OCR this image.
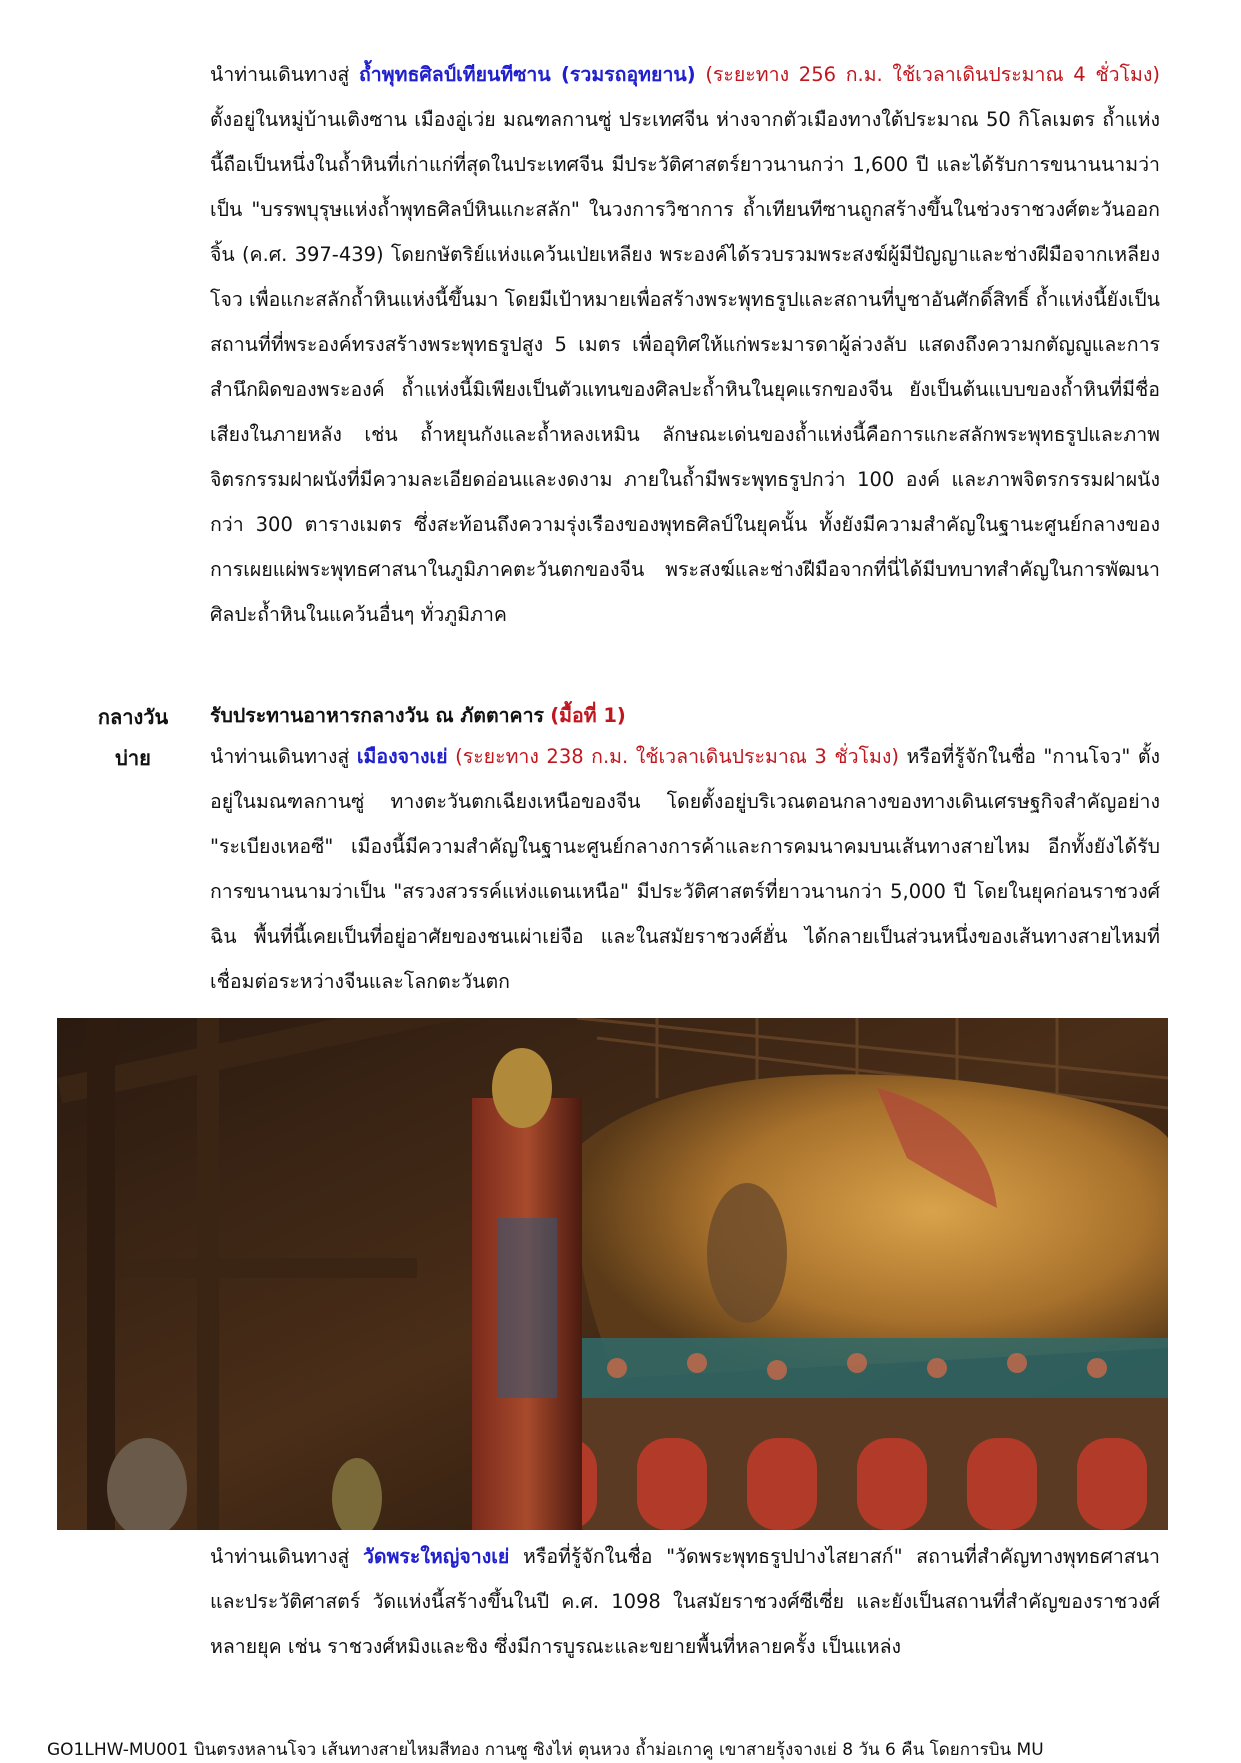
นำท่านเดินทางสู่ ถ้ำพุทธศิลป์เทียนทีซาน (รวมรถอุทยาน) (ระยะทาง 256 ก.ม. ใช้เวลาเดินประมาณ 4 ชั่วโมง) ตั้งอยู่ในหมู่บ้านเติงซาน เมืองอู่เว่ย มณฑลกานซู่ ประเทศจีน ห่างจากตัวเมืองทางใต้ประมาณ 50 กิโลเมตร ถ้ำแห่งนี้ถือเป็นหนึ่งในถ้ำหินที่เก่าแก่ที่สุดในประเทศจีน มีประวัติศาสตร์ยาวนานกว่า 1,600 ปี และได้รับการขนานนามว่าเป็น "บรรพบุรุษแห่งถ้ำพุทธศิลป์หินแกะสลัก" ในวงการวิชาการ ถ้ำเทียนทีซานถูกสร้างขึ้นในช่วงราชวงศ์ตะวันออกจิ้น (ค.ศ. 397-439) โดยกษัตริย์แห่งแคว้นเป่ยเหลียง พระองค์ได้รวบรวมพระสงฆ์ผู้มีปัญญาและช่างฝีมือจากเหลียงโจว เพื่อแกะสลักถ้ำหินแห่งนี้ขึ้นมา โดยมีเป้าหมายเพื่อสร้างพระพุทธรูปและสถานที่บูชาอันศักดิ์สิทธิ์ ถ้ำแห่งนี้ยังเป็นสถานที่ที่พระองค์ทรงสร้างพระพุทธรูปสูง 5 เมตร เพื่ออุทิศให้แก่พระมารดาผู้ล่วงลับ แสดงถึงความกตัญญูและการสำนึกผิดของพระองค์ ถ้ำแห่งนี้มิเพียงเป็นตัวแทนของศิลปะถ้ำหินในยุคแรกของจีน ยังเป็นต้นแบบของถ้ำหินที่มีชื่อเสียงในภายหลัง เช่น ถ้ำหยุนกังและถ้ำหลงเหมิน ลักษณะเด่นของถ้ำแห่งนี้คือการแกะสลักพระพุทธรูปและภาพจิตรกรรมฝาผนังที่มีความละเอียดอ่อนและงดงาม ภายในถ้ำมีพระพุทธรูปกว่า 100 องค์ และภาพจิตรกรรมฝาผนังกว่า 300 ตารางเมตร ซึ่งสะท้อนถึงความรุ่งเรืองของพุทธศิลป์ในยุคนั้น ทั้งยังมีความสำคัญในฐานะศูนย์กลางของการเผยแผ่พระพุทธศาสนาในภูมิภาคตะวันตกของจีน พระสงฆ์และช่างฝีมือจากที่นี่ได้มีบทบาทสำคัญในการพัฒนาศิลปะถ้ำหินในแคว้นอื่นๆ ทั่วภูมิภาค
กลางวัน	รับประทานอาหารกลางวัน ณ ภัตตาคาร (มื้อที่ 1)
บ่าย	นำท่านเดินทางสู่ เมืองจางเย่ (ระยะทาง 238 ก.ม. ใช้เวลาเดินประมาณ 3 ชั่วโมง) หรือที่รู้จักในชื่อ "กานโจว" ตั้งอยู่ในมณฑลกานซู่ ทางตะวันตกเฉียงเหนือของจีน โดยตั้งอยู่บริเวณตอนกลางของทางเดินเศรษฐกิจสำคัญอย่าง "ระเบียงเหอซี" เมืองนี้มีความสำคัญในฐานะศูนย์กลางการค้าและการคมนาคมบนเส้นทางสายไหม อีกทั้งยังได้รับการขนานนามว่าเป็น "สรวงสวรรค์แห่งแดนเหนือ" มีประวัติศาสตร์ที่ยาวนานกว่า 5,000 ปี โดยในยุคก่อนราชวงศ์ฉิน พื้นที่นี้เคยเป็นที่อยู่อาศัยของชนเผ่าเย่จือ และในสมัยราชวงศ์ฮั่น ได้กลายเป็นส่วนหนึ่งของเส้นทางสายไหมที่เชื่อมต่อระหว่างจีนและโลกตะวันตก
นำท่านเดินทางสู่ วัดพระใหญ่จางเย่ หรือที่รู้จักในชื่อ "วัดพระพุทธรูปปางไสยาสก์" สถานที่สำคัญทางพุทธศาสนาและประวัติศาสตร์ วัดแห่งนี้สร้างขึ้นในปี ค.ศ. 1098 ในสมัยราชวงศ์ซีเซี่ย และยังเป็นสถานที่สำคัญของราชวงศ์หลายยุค เช่น ราชวงศ์หมิงและชิง ซึ่งมีการบูรณะและขยายพื้นที่หลายครั้ง เป็นแหล่ง
GO1LHW-MU001 บินตรงหลานโจว เส้นทางสายไหมสีทอง กานซู ซิงไห่ ตุนหวง ถ้ำม่อเกาคู เขาสายรุ้งจางเย่ 8 วัน 6 คืน โดยการบิน MU
